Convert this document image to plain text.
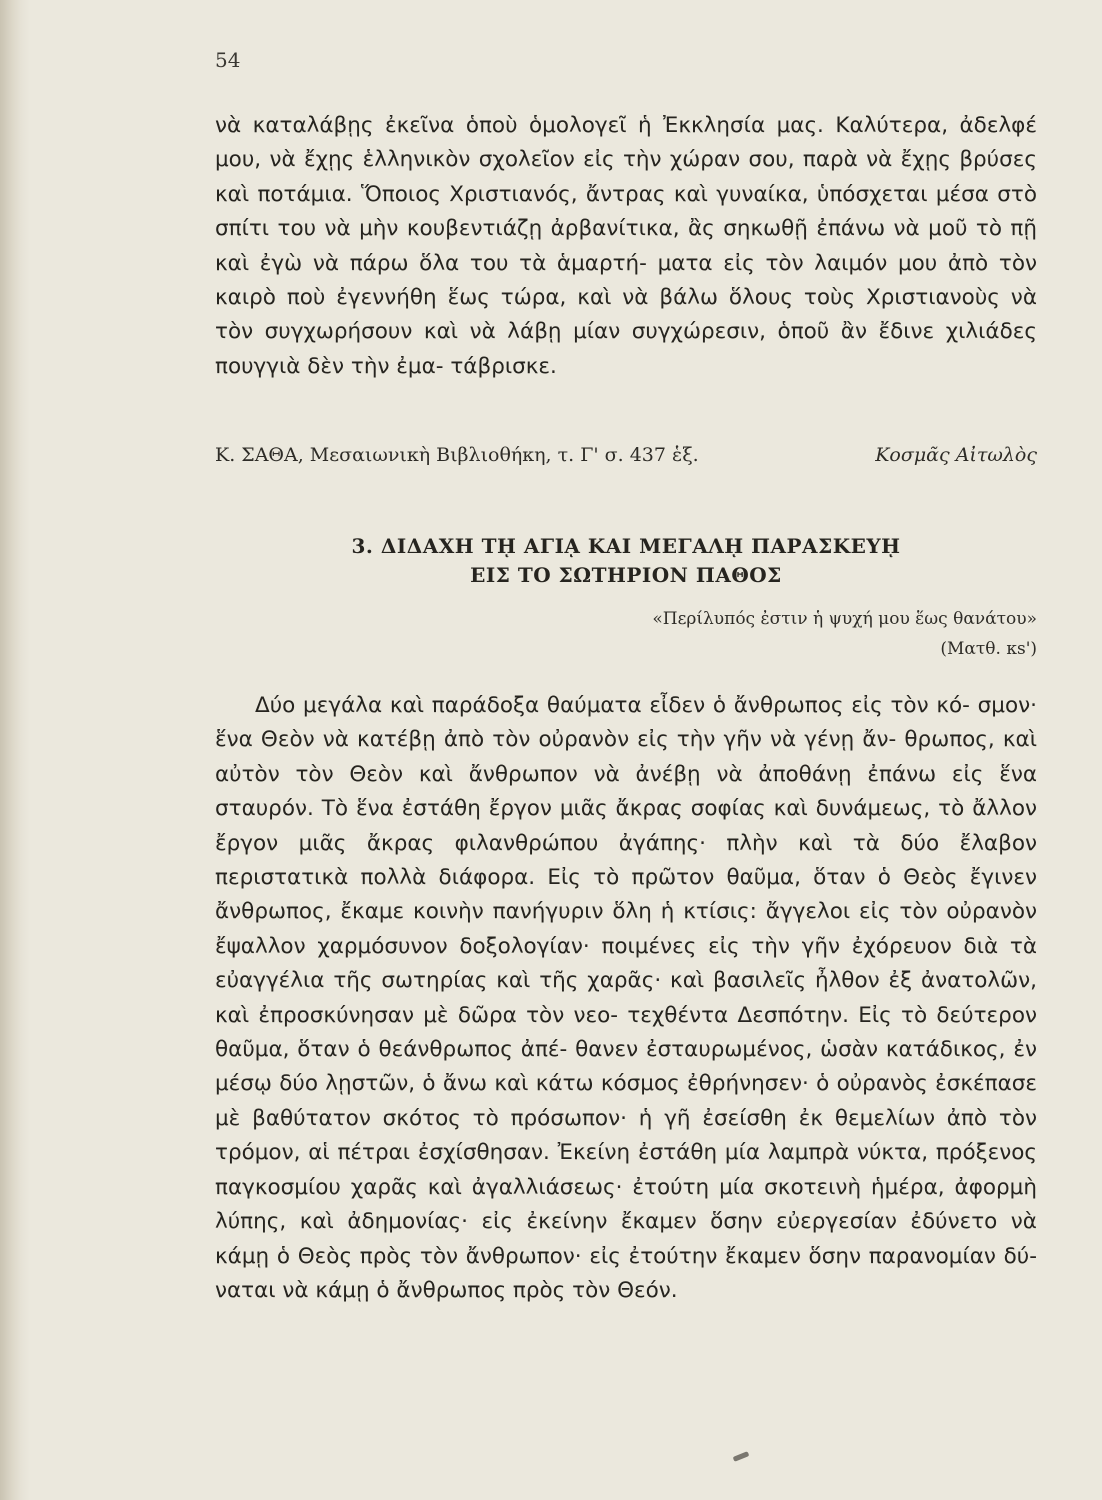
54

νὰ καταλάβῃς ἐκεῖνα ὁποὺ ὁμολογεῖ ἡ Ἐκκλησία μας. Καλύτερα, ἀδελφέ μου, νὰ ἔχῃς ἑλληνικὸν σχολεῖον εἰς τὴν χώραν σου, παρὰ νὰ ἔχῃς βρύσες καὶ ποτάμια. Ὅποιος Χριστιανός, ἄντρας καὶ γυναίκα, ὑπόσχεται μέσα στὸ σπίτι του νὰ μὴν κουβεντιάζῃ ἀρβανίτικα, ἂς σηκωθῇ ἐπάνω νὰ μοῦ τὸ πῇ καὶ ἐγὼ νὰ πάρω ὅλα του τὰ ἁμαρτή- ματα εἰς τὸν λαιμόν μου ἀπὸ τὸν καιρὸ ποὺ ἐγεννήθη ἕως τώρα, καὶ νὰ βάλω ὅλους τοὺς Χριστιανοὺς νὰ τὸν συγχωρήσουν καὶ νὰ λάβῃ μίαν συγχώρεσιν, ὁποῦ ἂν ἔδινε χιλιάδες πουγγιὰ δὲν τὴν ἐμα- τάβρισκε.

Κ. ΣΑΘΑ, Μεσαιωνικὴ Βιβλιοθήκη, τ. Γ' σ. 437 ἑξ.	Κοσμᾶς Αἰτωλὸς
3. ΔΙΔΑΧΗ Τῌ ΑΓΙᾼ ΚΑΙ ΜΕΓΑΛῌ ΠΑΡΑΣΚΕΥῌ
ΕΙΣ ΤΟ ΣΩΤΗΡΙΟΝ ΠΑΘΟΣ
«Περίλυπός ἐστιν ἡ ψυχή μου ἕως θανάτου»
(Ματθ. κs')

Δύο μεγάλα καὶ παράδοξα θαύματα εἶδεν ὁ ἄνθρωπος εἰς τὸν κό- σμον· ἕνα Θεὸν νὰ κατέβῃ ἀπὸ τὸν οὐρανὸν εἰς τὴν γῆν νὰ γένῃ ἄν- θρωπος, καὶ αὐτὸν τὸν Θεὸν καὶ ἄνθρωπον νὰ ἀνέβῃ νὰ ἀποθάνῃ ἐπάνω εἰς ἕνα σταυρόν. Τὸ ἕνα ἐστάθη ἔργον μιᾶς ἄκρας σοφίας καὶ δυνάμεως, τὸ ἄλλον ἔργον μιᾶς ἄκρας φιλανθρώπου ἀγάπης· πλὴν καὶ τὰ δύο ἔλαβον περιστατικὰ πολλὰ διάφορα. Εἰς τὸ πρῶτον θαῦμα, ὅταν ὁ Θεὸς ἔγινεν ἄνθρωπος, ἔκαμε κοινὴν πανήγυριν ὅλη ἡ κτίσις: ἄγγελοι εἰς τὸν οὐρανὸν ἔψαλλον χαρμόσυνον δοξολογίαν· ποιμένες εἰς τὴν γῆν ἐχόρευον διὰ τὰ εὐαγγέλια τῆς σωτηρίας καὶ τῆς χαρᾶς· καὶ βασιλεῖς ἦλθον ἐξ ἀνατολῶν, καὶ ἐπροσκύνησαν μὲ δῶρα τὸν νεο- τεχθέντα Δεσπότην. Εἰς τὸ δεύτερον θαῦμα, ὅταν ὁ θεάνθρωπος ἀπέ- θανεν ἐσταυρωμένος, ὡσὰν κατάδικος, ἐν μέσῳ δύο λῃστῶν, ὁ ἄνω καὶ κάτω κόσμος ἐθρήνησεν· ὁ οὐρανὸς ἐσκέπασε μὲ βαθύτατον σκότος τὸ πρόσωπον· ἡ γῆ ἐσείσθη ἐκ θεμελίων ἀπὸ τὸν τρόμον, αἱ πέτραι ἐσχίσθησαν. Ἐκείνη ἐστάθη μία λαμπρὰ νύκτα, πρόξενος παγκοσμίου χαρᾶς καὶ ἀγαλλιάσεως· ἐτούτη μία σκοτεινὴ ἡμέρα, ἀφορμὴ λύπης, καὶ ἀδημονίας· εἰς ἐκείνην ἔκαμεν ὅσην εὐεργεσίαν ἐδύνετο νὰ κάμῃ ὁ Θεὸς πρὸς τὸν ἄνθρωπον· εἰς ἐτούτην ἔκαμεν ὅσην παρανομίαν δύ- ναται νὰ κάμῃ ὁ ἄνθρωπος πρὸς τὸν Θεόν.
